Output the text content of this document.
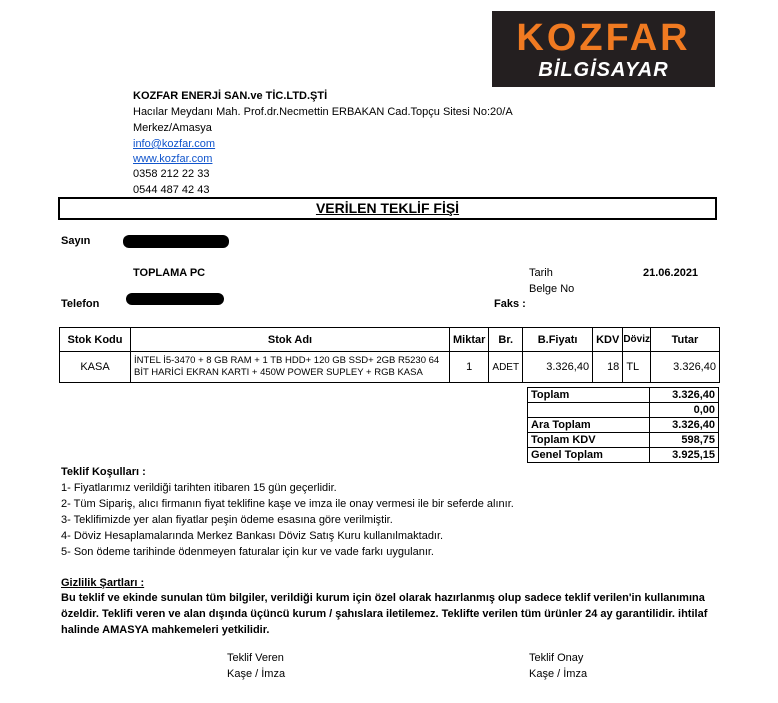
KOZFAR
BİLGİSAYAR
KOZFAR ENERJİ SAN.ve TİC.LTD.ŞTİ
Hacılar Meydanı Mah. Prof.dr.Necmettin ERBAKAN Cad.Topçu Sitesi No:20/A
Merkez/Amasya
info@kozfar.com
www.kozfar.com
0358 212 22 33
0544 487 42 43
VERİLEN TEKLİF FİŞİ
Sayın
TOPLAMA PC
Telefon	Faks :
Tarih	21.06.2021
Belge No
Stok Kodu	Stok Adı	Miktar	Br.	B.Fiyatı	KDV	Döviz	Tutar
KASA	İNTEL İ5-3470 + 8 GB RAM + 1 TB HDD+ 120 GB SSD+ 2GB R5230 64
BİT HARİCİ EKRAN KARTI + 450W POWER SUPLEY + RGB KASA	1	ADET	3.326,40	18	TL	3.326,40
Toplam	3.326,40
	0,00
Ara Toplam	3.326,40
Toplam KDV	598,75
Genel Toplam	3.925,15
Teklif Koşulları :
1- Fiyatlarımız verildiği tarihten itibaren 15 gün geçerlidir.
2- Tüm Sipariş, alıcı firmanın fiyat teklifine kaşe ve imza ile onay vermesi ile bir seferde alınır.
3- Teklifimizde yer alan fiyatlar peşin ödeme esasına göre verilmiştir.
4- Döviz Hesaplamalarında Merkez Bankası Döviz Satış Kuru kullanılmaktadır.
5- Son ödeme tarihinde ödenmeyen faturalar için kur ve vade farkı uygulanır.
Gizlilik Şartları :
Bu teklif ve ekinde sunulan tüm bilgiler, verildiği kurum için özel olarak hazırlanmış olup sadece teklif verilen'in kullanımına özeldir. Teklifi veren ve alan dışında üçüncü kurum / şahıslara iletilemez. Teklifte verilen tüm ürünler 24 ay garantilidir. ihtilaf halinde AMASYA mahkemeleri yetkilidir.
Teklif Veren
Kaşe / İmza
Teklif Onay
Kaşe / İmza
